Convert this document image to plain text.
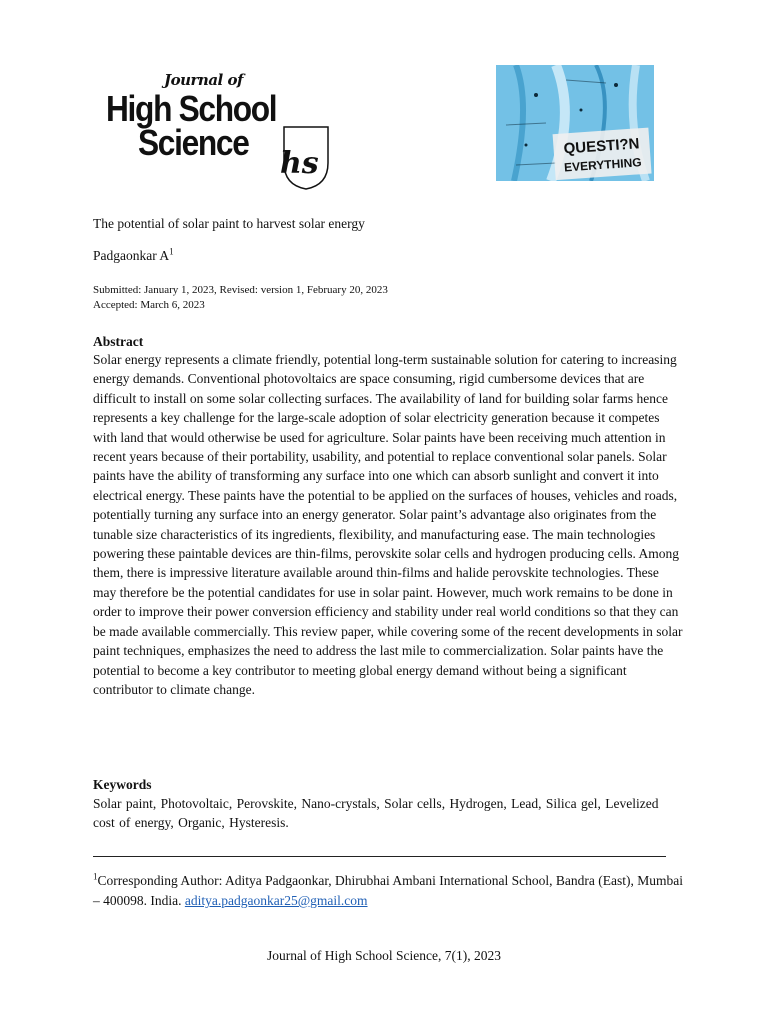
Journal of
High School
Science
hs	QUESTI?N
EVERYTHING
The potential of solar paint to harvest solar energy
Padgaonkar $A^1$
Submitted: January 1, 2023, Revised: version 1, February 20, 2023
Accepted: March 6, 2023
Abstract
Solar energy represents a climate friendly, potential long-term sustainable solution for catering to increasing energy demands. Conventional photovoltaics are space consuming, rigid cumbersome devices that are difficult to install on some solar collecting surfaces. The availability of land for building solar farms hence represents a key challenge for the large-scale adoption of solar electricity generation because it competes with land that would otherwise be used for agriculture. Solar paints have been receiving much attention in recent years because of their portability, usability, and potential to replace conventional solar panels. Solar paints have the ability of transforming any surface into one which can absorb sunlight and convert it into electrical energy. These paints have the potential to be applied on the surfaces of houses, vehicles and roads, potentially turning any surface into an energy generator. Solar paint’s advantage also originates from the tunable size characteristics of its ingredients, flexibility, and manufacturing ease. The main technologies powering these paintable devices are thin-films, perovskite solar cells and hydrogen producing cells. Among them, there is impressive literature available around thin-films and halide perovskite technologies. These may therefore be the potential candidates for use in solar paint. However, much work remains to be done in order to improve their power conversion efficiency and stability under real world conditions so that they can be made available commercially. This review paper, while covering some of the recent developments in solar paint techniques, emphasizes the need to address the last mile to commercialization. Solar paints have the potential to become a key contributor to meeting global energy demand without being a significant contributor to climate change.
Keywords
Solar paint, Photovoltaic, Perovskite, Nano-crystals, Solar cells, Hydrogen, Lead, Silica gel, Levelized cost of energy, Organic, Hysteresis.
$^1$Corresponding Author: Aditya Padgaonkar, Dhirubhai Ambani International School, Bandra (East), Mumbai – 400098. India. aditya.padgaonkar25@gmail.com
Journal of High School Science, 7(1), 2023
